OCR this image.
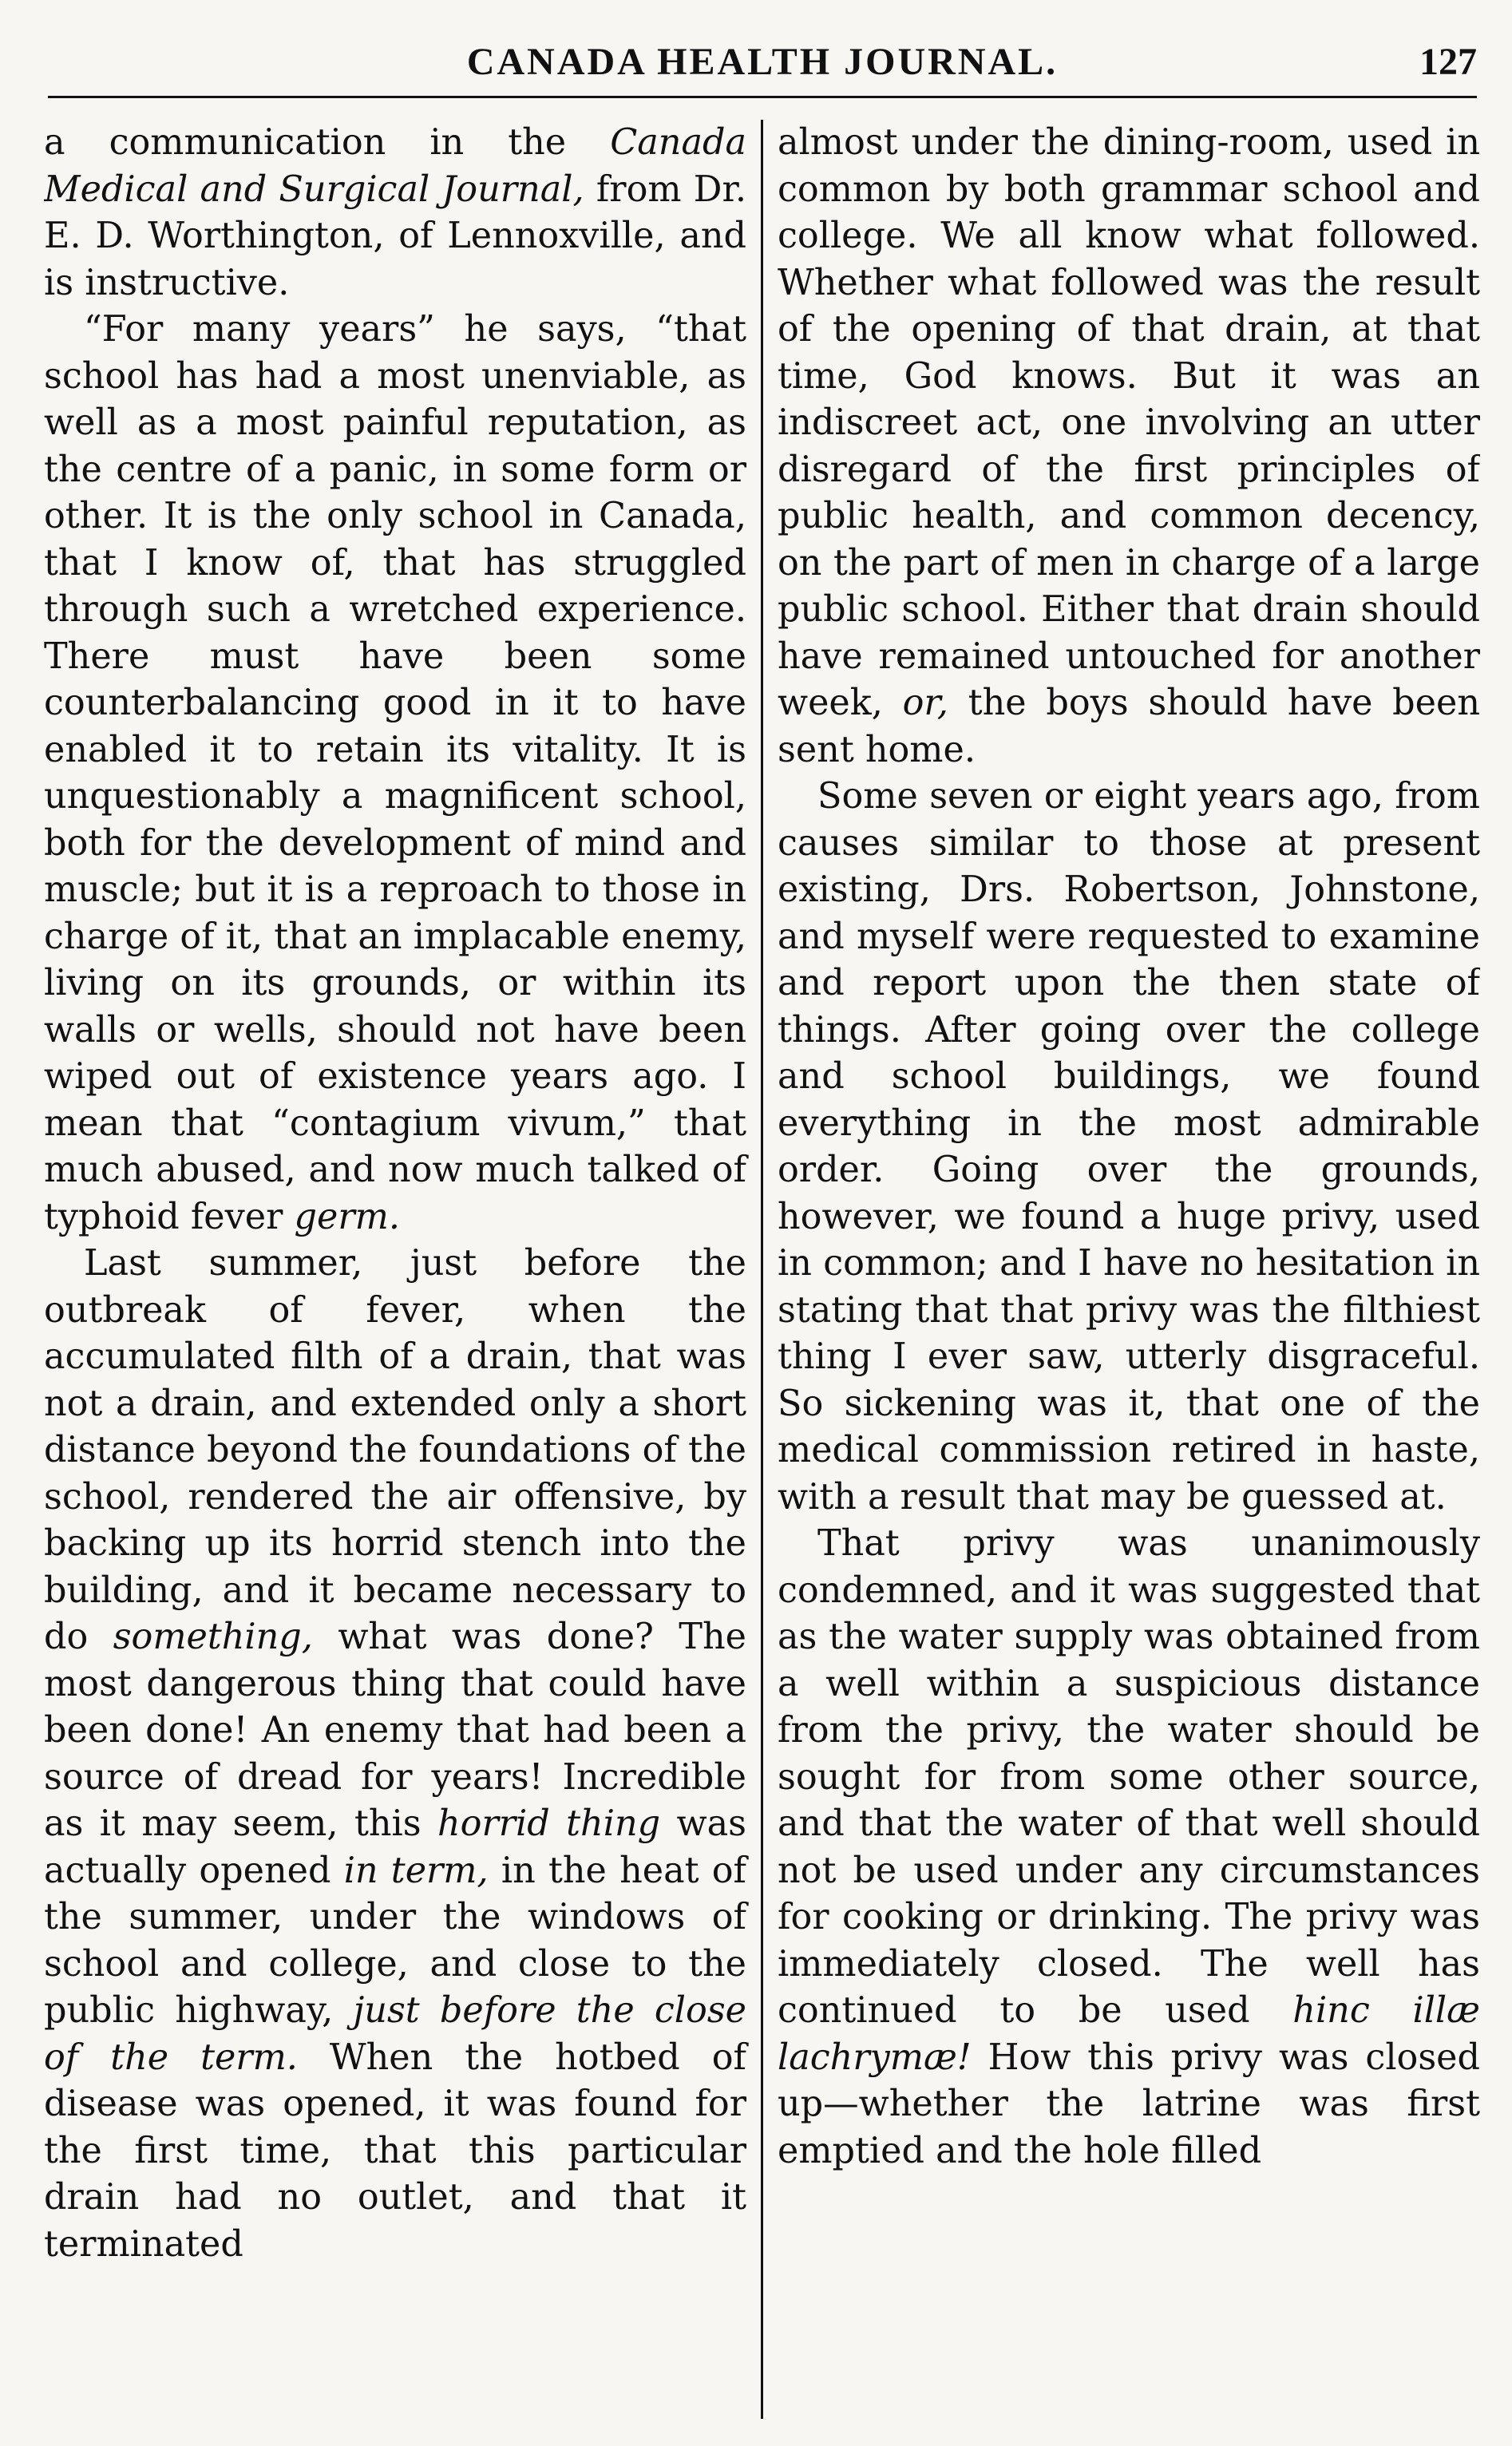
CANADA HEALTH JOURNAL.	127

a communication in the Canada Medical and Surgical Journal, from Dr. E. D. Worthington, of Lennoxville, and is instructive.

“For many years” he says, “that school has had a most unenviable, as well as a most painful reputation, as the centre of a panic, in some form or other. It is the only school in Canada, that I know of, that has struggled through such a wretched experience. There must have been some counterbalancing good in it to have enabled it to retain its vitality. It is unquestionably a magnificent school, both for the development of mind and muscle; but it is a reproach to those in charge of it, that an implacable enemy, living on its grounds, or within its walls or wells, should not have been wiped out of existence years ago. I mean that “contagium vivum,” that much abused, and now much talked of typhoid fever germ.

Last summer, just before the outbreak of fever, when the accumulated filth of a drain, that was not a drain, and extended only a short distance beyond the foundations of the school, rendered the air offensive, by backing up its horrid stench into the building, and it became necessary to do something, what was done? The most dangerous thing that could have been done! An enemy that had been a source of dread for years! Incredible as it may seem, this horrid thing was actually opened in term, in the heat of the summer, under the windows of school and college, and close to the public highway, just before the close of the term. When the hotbed of disease was opened, it was found for the first time, that this particular drain had no outlet, and that it terminated

almost under the dining-room, used in common by both grammar school and college. We all know what followed. Whether what followed was the result of the opening of that drain, at that time, God knows. But it was an indiscreet act, one involving an utter disregard of the first principles of public health, and common decency, on the part of men in charge of a large public school. Either that drain should have remained untouched for another week, or, the boys should have been sent home.

Some seven or eight years ago, from causes similar to those at present existing, Drs. Robertson, Johnstone, and myself were requested to examine and report upon the then state of things. After going over the college and school buildings, we found everything in the most admirable order. Going over the grounds, however, we found a huge privy, used in common; and I have no hesitation in stating that that privy was the filthiest thing I ever saw, utterly disgraceful. So sickening was it, that one of the medical commission retired in haste, with a result that may be guessed at.

That privy was unanimously condemned, and it was suggested that as the water supply was obtained from a well within a suspicious distance from the privy, the water should be sought for from some other source, and that the water of that well should not be used under any circumstances for cooking or drinking. The privy was immediately closed. The well has continued to be used hinc illæ lachrymæ! How this privy was closed up—whether the latrine was first emptied and the hole filled
